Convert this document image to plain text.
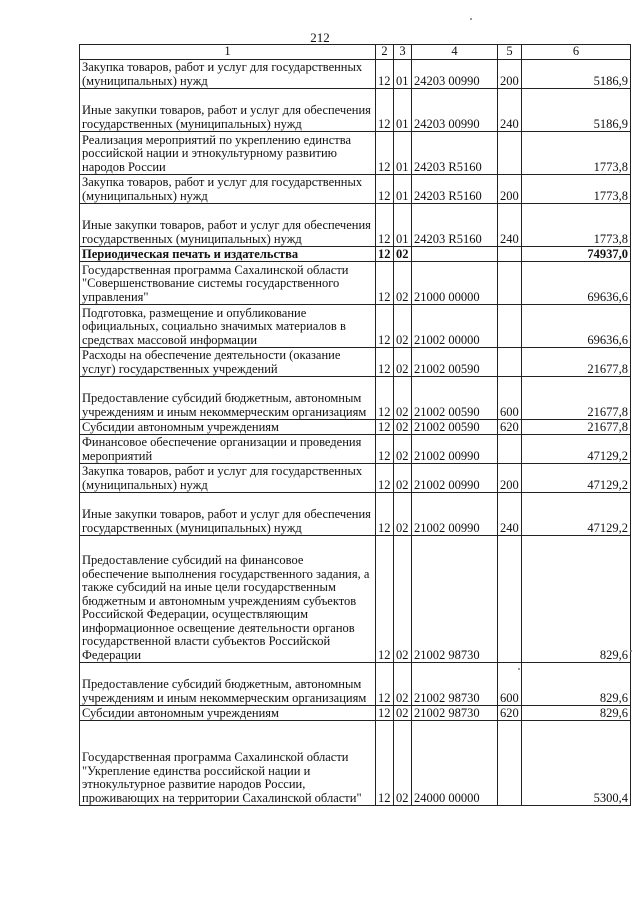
212
1	2	3	4	5	6
Закупка товаров, работ и услуг для государственных (муниципальных) нужд	12	01	24203 00990	200	5186,9
Иные закупки товаров, работ и услуг для обеспечения государственных (муниципальных) нужд	12	01	24203 00990	240	5186,9
Реализация мероприятий по укреплению единства российской нации и этнокультурному развитию народов России	12	01	24203 R5160		1773,8
Закупка товаров, работ и услуг для государственных (муниципальных) нужд	12	01	24203 R5160	200	1773,8
Иные закупки товаров, работ и услуг для обеспечения государственных (муниципальных) нужд	12	01	24203 R5160	240	1773,8
Периодическая печать и издательства	12	02			74937,0
Государственная программа Сахалинской области "Совершенствование системы государственного управления"	12	02	21000 00000		69636,6
Подготовка, размещение и опубликование официальных, социально значимых материалов в средствах массовой информации	12	02	21002 00000		69636,6
Расходы на обеспечение деятельности (оказание услуг) государственных учреждений	12	02	21002 00590		21677,8
Предоставление субсидий бюджетным, автономным учреждениям и иным некоммерческим организациям	12	02	21002 00590	600	21677,8
Субсидии автономным учреждениям	12	02	21002 00590	620	21677,8
Финансовое обеспечение организации и проведения мероприятий	12	02	21002 00990		47129,2
Закупка товаров, работ и услуг для государственных (муниципальных) нужд	12	02	21002 00990	200	47129,2
Иные закупки товаров, работ и услуг для обеспечения государственных (муниципальных) нужд	12	02	21002 00990	240	47129,2
Предоставление субсидий на финансовое обеспечение выполнения государственного задания, а также субсидий на иные цели государственным бюджетным и автономным учреждениям субъектов Российской Федерации, осуществляющим информационное освещение деятельности органов государственной власти субъектов Российской Федерации	12	02	21002 98730		829,6
Предоставление субсидий бюджетным, автономным учреждениям и иным некоммерческим организациям	12	02	21002 98730	600	829,6
Субсидии автономным учреждениям	12	02	21002 98730	620	829,6
Государственная программа Сахалинской области "Укрепление единства российской нации и этнокультурное развитие народов России, проживающих на территории Сахалинской области"	12	02	24000 00000		5300,4
